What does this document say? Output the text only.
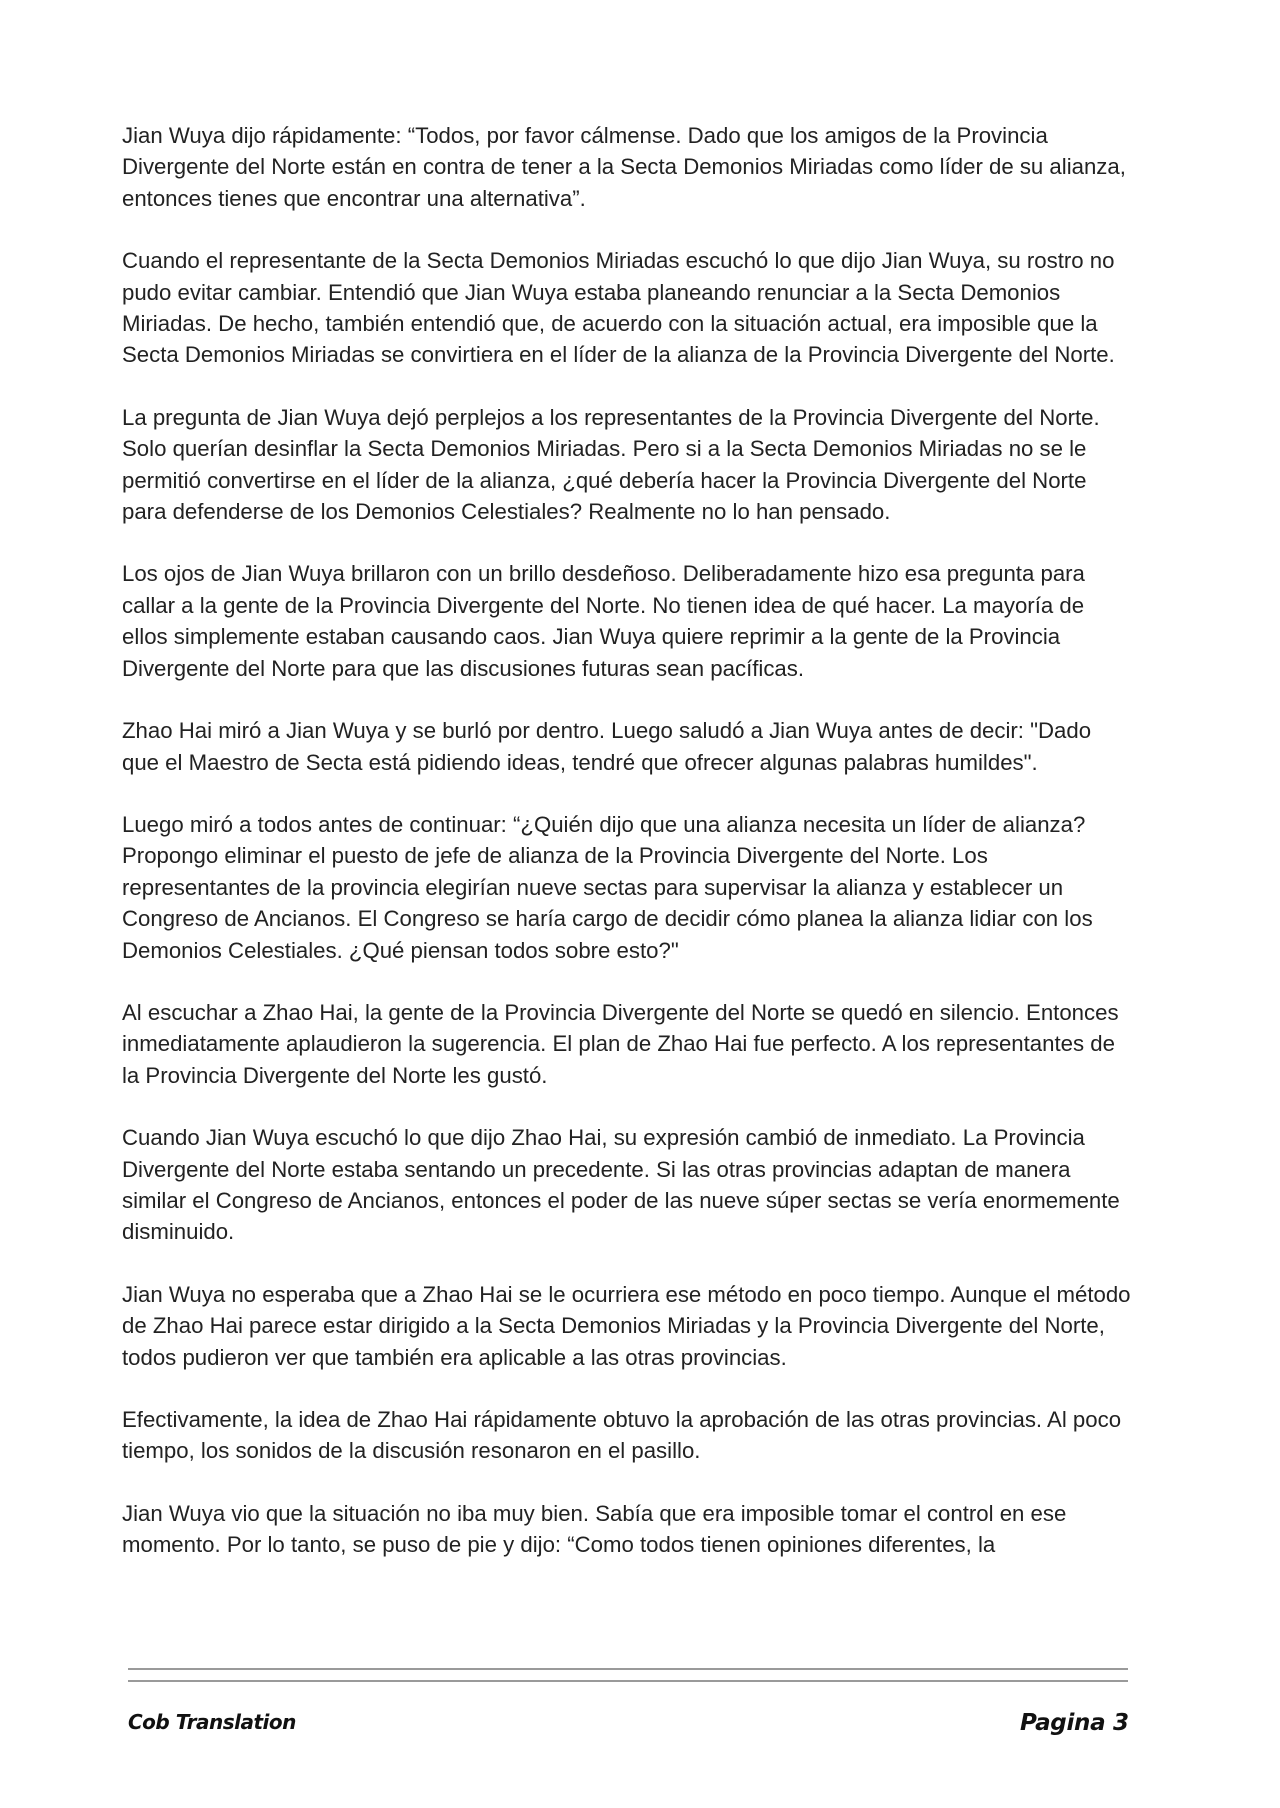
Jian Wuya dijo rápidamente: “Todos, por favor cálmense. Dado que los amigos de la Provincia Divergente del Norte están en contra de tener a la Secta Demonios Miriadas como líder de su alianza, entonces tienes que encontrar una alternativa”.

Cuando el representante de la Secta Demonios Miriadas escuchó lo que dijo Jian Wuya, su rostro no pudo evitar cambiar. Entendió que Jian Wuya estaba planeando renunciar a la Secta Demonios Miriadas. De hecho, también entendió que, de acuerdo con la situación actual, era imposible que la Secta Demonios Miriadas se convirtiera en el líder de la alianza de la Provincia Divergente del Norte.

La pregunta de Jian Wuya dejó perplejos a los representantes de la Provincia Divergente del Norte. Solo querían desinflar la Secta Demonios Miriadas. Pero si a la Secta Demonios Miriadas no se le permitió convertirse en el líder de la alianza, ¿qué debería hacer la Provincia Divergente del Norte para defenderse de los Demonios Celestiales? Realmente no lo han pensado.

Los ojos de Jian Wuya brillaron con un brillo desdeñoso. Deliberadamente hizo esa pregunta para callar a la gente de la Provincia Divergente del Norte. No tienen idea de qué hacer. La mayoría de ellos simplemente estaban causando caos. Jian Wuya quiere reprimir a la gente de la Provincia Divergente del Norte para que las discusiones futuras sean pacíficas.

Zhao Hai miró a Jian Wuya y se burló por dentro. Luego saludó a Jian Wuya antes de decir: "Dado que el Maestro de Secta está pidiendo ideas, tendré que ofrecer algunas palabras humildes".

Luego miró a todos antes de continuar: “¿Quién dijo que una alianza necesita un líder de alianza? Propongo eliminar el puesto de jefe de alianza de la Provincia Divergente del Norte. Los representantes de la provincia elegirían nueve sectas para supervisar la alianza y establecer un Congreso de Ancianos. El Congreso se haría cargo de decidir cómo planea la alianza lidiar con los Demonios Celestiales. ¿Qué piensan todos sobre esto?"

Al escuchar a Zhao Hai, la gente de la Provincia Divergente del Norte se quedó en silencio. Entonces inmediatamente aplaudieron la sugerencia. El plan de Zhao Hai fue perfecto. A los representantes de la Provincia Divergente del Norte les gustó.

Cuando Jian Wuya escuchó lo que dijo Zhao Hai, su expresión cambió de inmediato. La Provincia Divergente del Norte estaba sentando un precedente. Si las otras provincias adaptan de manera similar el Congreso de Ancianos, entonces el poder de las nueve súper sectas se vería enormemente disminuido.

Jian Wuya no esperaba que a Zhao Hai se le ocurriera ese método en poco tiempo. Aunque el método de Zhao Hai parece estar dirigido a la Secta Demonios Miriadas y la Provincia Divergente del Norte, todos pudieron ver que también era aplicable a las otras provincias.

Efectivamente, la idea de Zhao Hai rápidamente obtuvo la aprobación de las otras provincias. Al poco tiempo, los sonidos de la discusión resonaron en el pasillo.

Jian Wuya vio que la situación no iba muy bien. Sabía que era imposible tomar el control en ese momento. Por lo tanto, se puso de pie y dijo: “Como todos tienen opiniones diferentes, la

Cob Translation	Pagina 3
